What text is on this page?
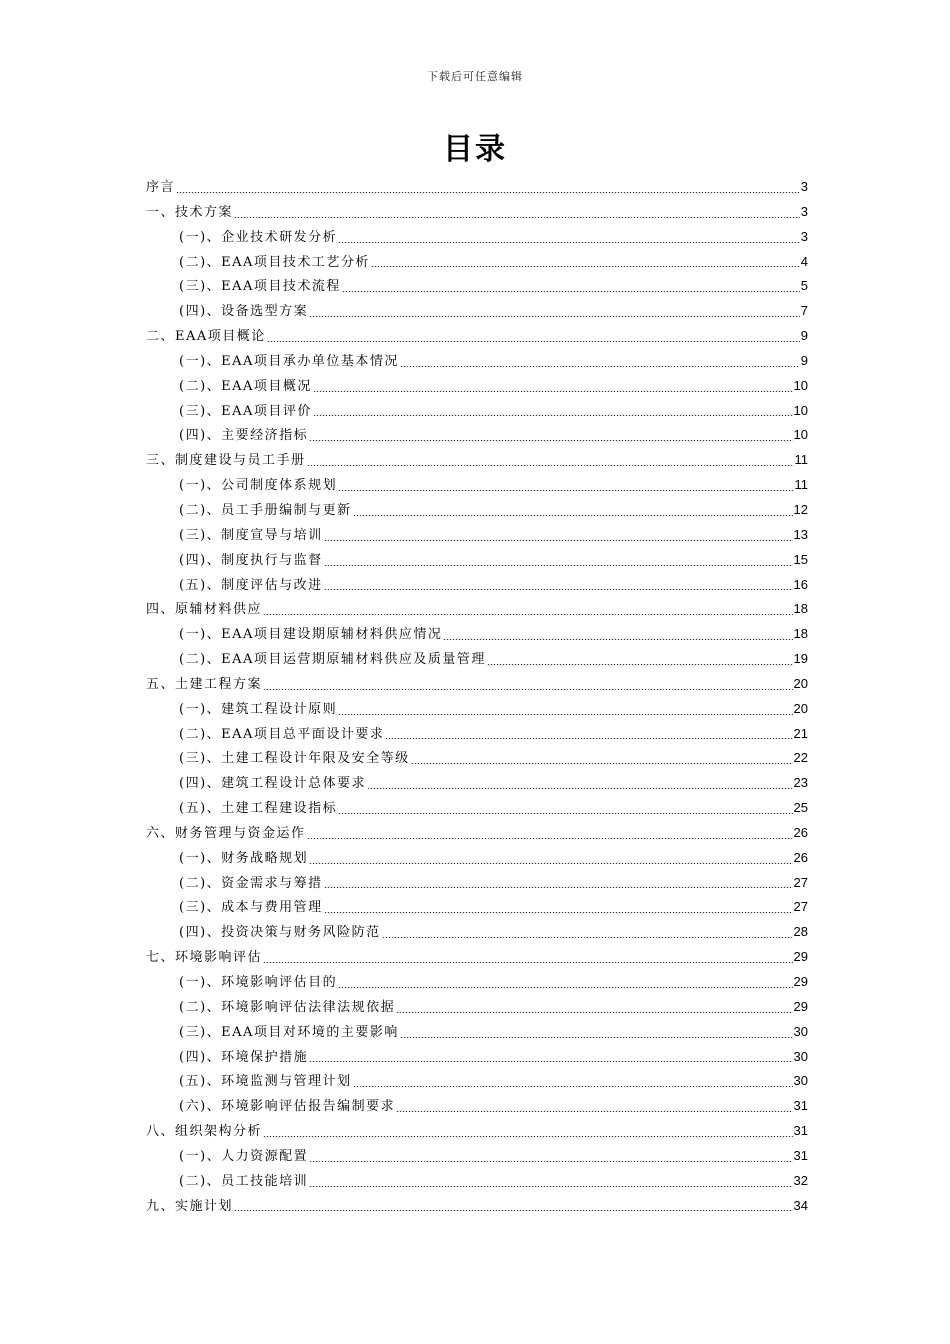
下载后可任意编辑
目录
序言	3
一、技术方案	3
(一)、企业技术研发分析	3
(二)、EAA项目技术工艺分析	4
(三)、EAA项目技术流程	5
(四)、设备选型方案	7
二、EAA项目概论	9
(一)、EAA项目承办单位基本情况	9
(二)、EAA项目概况	10
(三)、EAA项目评价	10
(四)、主要经济指标	10
三、制度建设与员工手册	11
(一)、公司制度体系规划	11
(二)、员工手册编制与更新	12
(三)、制度宣导与培训	13
(四)、制度执行与监督	15
(五)、制度评估与改进	16
四、原辅材料供应	18
(一)、EAA项目建设期原辅材料供应情况	18
(二)、EAA项目运营期原辅材料供应及质量管理	19
五、土建工程方案	20
(一)、建筑工程设计原则	20
(二)、EAA项目总平面设计要求	21
(三)、土建工程设计年限及安全等级	22
(四)、建筑工程设计总体要求	23
(五)、土建工程建设指标	25
六、财务管理与资金运作	26
(一)、财务战略规划	26
(二)、资金需求与筹措	27
(三)、成本与费用管理	27
(四)、投资决策与财务风险防范	28
七、环境影响评估	29
(一)、环境影响评估目的	29
(二)、环境影响评估法律法规依据	29
(三)、EAA项目对环境的主要影响	30
(四)、环境保护措施	30
(五)、环境监测与管理计划	30
(六)、环境影响评估报告编制要求	31
八、组织架构分析	31
(一)、人力资源配置	31
(二)、员工技能培训	32
九、实施计划	34
